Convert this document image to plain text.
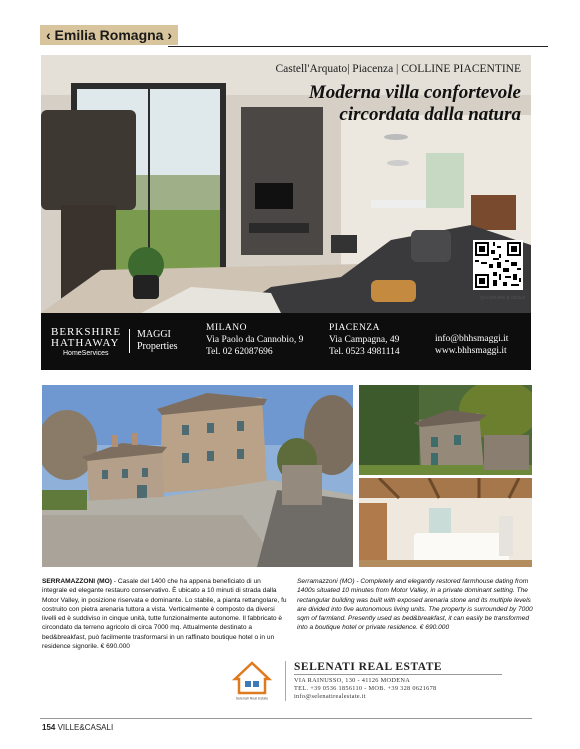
‹ Emilia Romagna ›
Castell'Arquato| Piacenza | COLLINE PIACENTINE
Moderna villa confortevole
circordata dalla natura
QUADRARE E SEGUI
BERKSHIRE
HATHAWAY
HomeServices
MAGGI
Properties
MILANO
Via Paolo da Cannobio, 9
Tel. 02 62087696
PIACENZA
Via Campagna, 49
Tel. 0523 4981114
info@bhhsmaggi.it
www.bhhsmaggi.it
SERRAMAZZONI (MO) - Casale del 1400 che ha appena beneficiato di un integrale ed elegante restauro conservativo. È ubicato a 10 minuti di strada dalla Motor Valley, in posizione riservata e dominante. Lo stabile, a pianta rettangolare, fu costruito con pietra arenaria tuttora a vista. Verticalmente è composto da diversi livelli ed è suddiviso in cinque unità, tutte funzionalmente autonome. Il fabbricato è circondato da terreno agricolo di circa 7000 mq. Attualmente destinato a bed&breakfast, può facilmente trasformarsi in un raffinato boutique hotel o in un residence signorile. € 690.000
Serramazzoni (MO) - Completely and elegantly restored farmhouse dating from 1400s situated 10 minutes from Motor Valley, in a private dominant setting. The rectangular building was built with exposed arenaria stone and its multiple levels are divided into five autonomous living units. The property is surrounded by 7000 sqm of farmland. Presently used as bed&breakfast, it can easily be transformed into a boutique hotel or private residence. € 690.000
Selenati Real Estate
SELENATI REAL ESTATE
VIA RAINUSSO, 130 - 41126 MODENA
TEL. +39 0536 1856110 - MOB. +39 328 0621678
info@selenatirealestate.it
154 VILLE&CASALI
